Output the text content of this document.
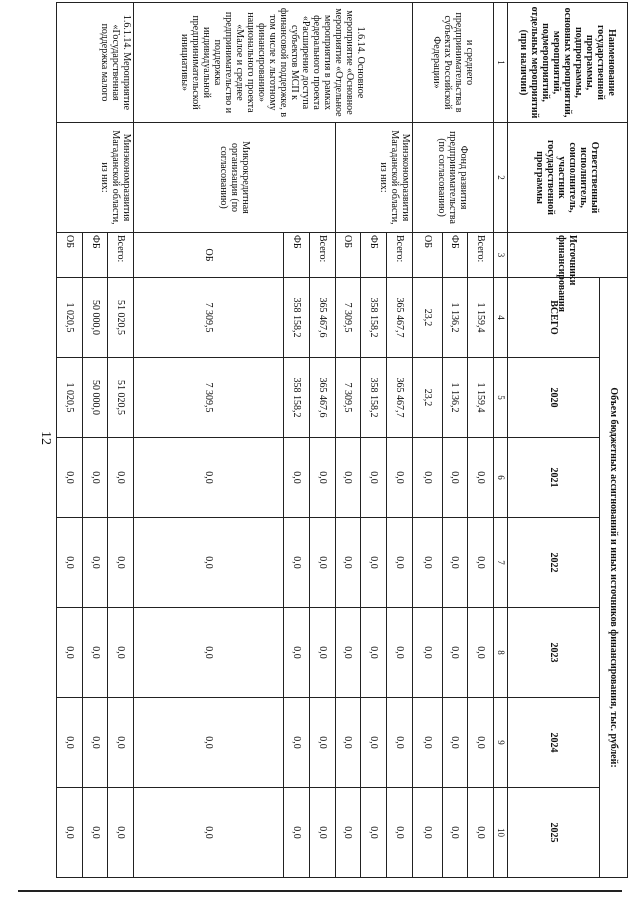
12
Наименование государственной программы, подпрограммы, основных мероприятий, мероприятий, подмероприятий, отдельных мероприятий (при наличии)	Ответственный исполнитель, соисполнитель, участник государственной программы	Источники финансирования	Объем бюджетных ассигнований и иных источников финансирования, тыс. рублей:						
			ВСЕГО	2020	2021	2022	2023	2024	2025
1	2	3	4	5	6	7	8	9	10
и среднего предпринимательства в субъектах Российской Федерации»	Фонд развития предпринимательства (по согласованию)	Всего:	1 159,4	1 159,4	0,0	0,0	0,0	0,0	0,0
		ФБ	1 136,2	1 136,2	0,0	0,0	0,0	0,0	0,0
		ОБ	23,2	23,2	0,0	0,0	0,0	0,0	0,0
1.6.14. Основное мероприятие «Основное мероприятие «Отдельное мероприятия в рамках федерального проекта «Расширение доступа субъектов МСП к финансовой поддержке, в том числе к льготному финансированию» национального проекта «Малое и среднее предпринимательство и поддержка индивидуальной предпринимательской инициативы»	Минэкономразвития Магаданской области, из них:	Всего:	365 467,7	365 467,7	0,0	0,0	0,0	0,0	0,0
		ФБ	358 158,2	358 158,2	0,0	0,0	0,0	0,0	0,0
		ОБ	7 309,5	7 309,5	0,0	0,0	0,0	0,0	0,0
	Микрокредитная организация (по согласованию)	Всего:	365 467,6	365 467,6	0,0	0,0	0,0	0,0	0,0
		ФБ	358 158,2	358 158,2	0,0	0,0	0,0	0,0	0,0
		ОБ	7 309,5	7 309,5	0,0	0,0	0,0	0,0	0,0
1.6.1.14. Мероприятие «Государственная поддержка малого	Минэкономразвития Магаданской области, из них:	Всего:	51 020,5	51 020,5	0,0	0,0	0,0	0,0	0,0
		ФБ	50 000,0	50 000,0	0,0	0,0	0,0	0,0	0,0
		ОБ	1 020,5	1 020,5	0,0	0,0	0,0	0,0	0,0
